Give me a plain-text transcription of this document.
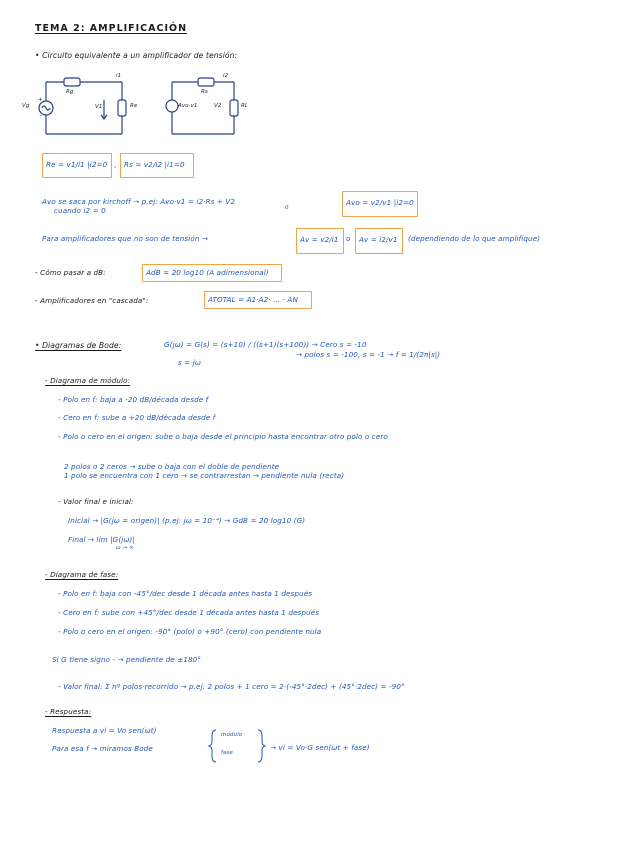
TEMA 2: AMPLIFICACIÓN
• Circuito equivalente a un amplificador de tensión:
Vg
+
-
Rg
i1
V1	Re
Rs
i2
Avo·v1	V2	RL
Re = v1/i1 |i2=0 , Rs = v2/i2 |i1=0
Avo se saca por kirchoff → p.ej: Avo·v1 = i2·Rs + V2
cuando i2 = 0	0
Avo = v2/v1 |i2=0
Para amplificadores que no son de tensión →	Av = v2/i1 o Av = i2/v1 (dependiendo de lo que amplifique)
- Cómo pasar a dB:	AdB = 20 log10 (A adimensional)
- Amplificadores en "cascada":	ATOTAL = A1·A2· ... · AN
• Diagramas de Bode:	G(jω) = G(s) = (s+10) / ((s+1)(s+100)) → Cero s = -10
→ polos s = -100, s = -1 → f = 1/(2π|s|)
s = jω
- Diagrama de módulo:
- Polo en f: baja a -20 dB/década desde f
- Cero en f: sube a +20 dB/década desde f
- Polo o cero en el origen: sube o baja desde el principio hasta encontrar otro polo o cero
2 polos o 2 ceros → sube o baja con el doble de pendiente
1 polo se encuentra con 1 cero → se contrarrestan → pendiente nula (recta)
- Valor final e inicial:
Inicial → |G(jω = origen)| (p.ej: jω = 10⁻⁴) → GdB = 20 log10 (G)
Final → lím |G(jω)|
ω → ∞
- Diagrama de fase:
- Polo en f: baja con -45°/dec desde 1 década antes hasta 1 después
- Cero en f: sube con +45°/dec desde 1 década antes hasta 1 después
- Polo o cero en el origen: -90° (polo) o +90° (cero) con pendiente nula
Si G tiene signo - → pendiente de ±180°
- Valor final: Σ nº polos·recorrido → p.ej: 2 polos + 1 cero = 2·(-45°·2dec) + (45°·2dec) = -90°
- Respuesta:
Respuesta a vi = Vo sen(ωt)
Para esa f → miramos Bode
módulo
fase
→ vi = Vo·G sen(ωt + fase)
